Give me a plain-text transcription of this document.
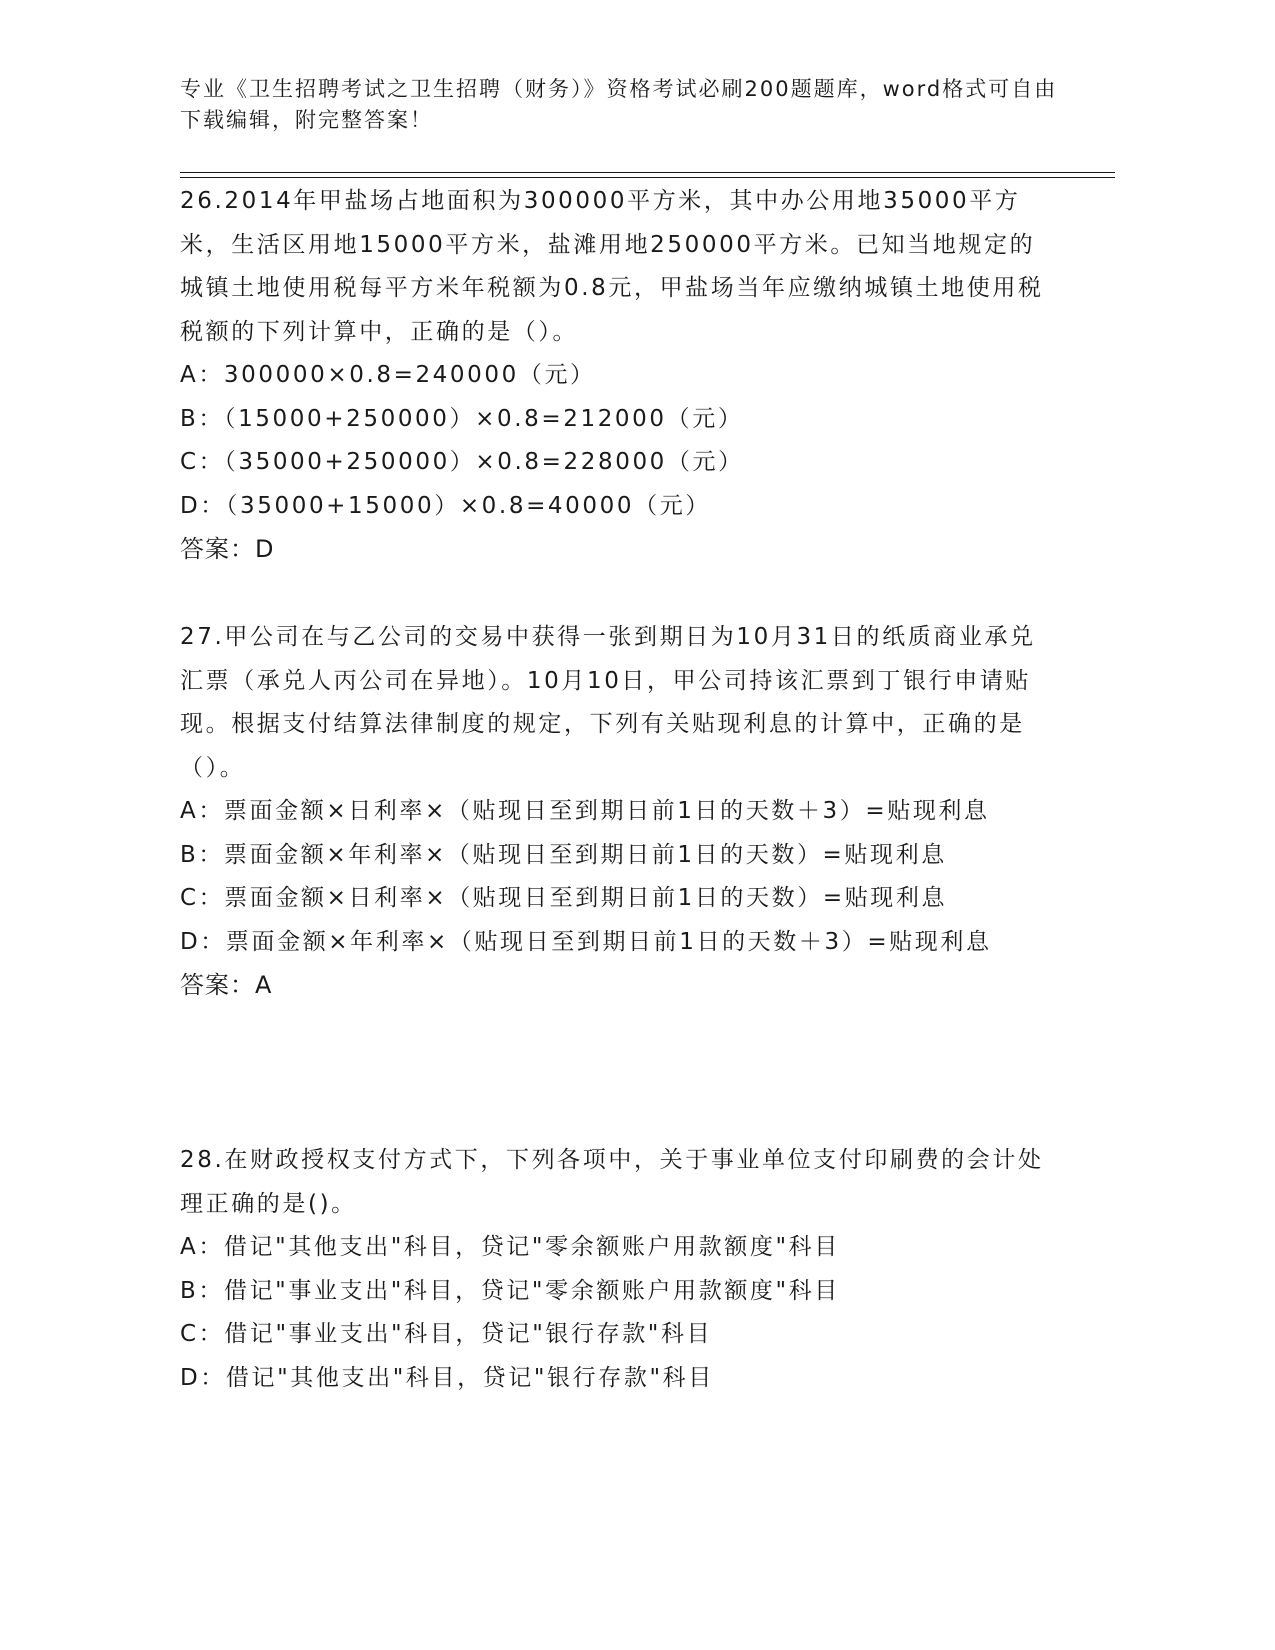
专业《卫生招聘考试之卫生招聘（财务）》资格考试必刷200题题库，word格式可自由下载编辑，附完整答案！

26.2014年甲盐场占地面积为300000平方米，其中办公用地35000平方米，生活区用地15000平方米，盐滩用地250000平方米。已知当地规定的城镇土地使用税每平方米年税额为0.8元，甲盐场当年应缴纳城镇土地使用税税额的下列计算中，正确的是（）。

A：300000×0.8=240000（元）

B：（15000+250000）×0.8=212000（元）

C：（35000+250000）×0.8=228000（元）

D：（35000+15000）×0.8=40000（元）

答案：D

27.甲公司在与乙公司的交易中获得一张到期日为10月31日的纸质商业承兑汇票（承兑人丙公司在异地）。10月10日，甲公司持该汇票到丁银行申请贴现。根据支付结算法律制度的规定，下列有关贴现利息的计算中，正确的是（）。

A：票面金额×日利率×（贴现日至到期日前1日的天数＋3）=贴现利息

B：票面金额×年利率×（贴现日至到期日前1日的天数）=贴现利息

C：票面金额×日利率×（贴现日至到期日前1日的天数）=贴现利息

D：票面金额×年利率×（贴现日至到期日前1日的天数＋3）=贴现利息

答案：A

28.在财政授权支付方式下，下列各项中，关于事业单位支付印刷费的会计处理正确的是()。

A：借记"其他支出"科目，贷记"零余额账户用款额度"科目

B：借记"事业支出"科目，贷记"零余额账户用款额度"科目

C：借记"事业支出"科目，贷记"银行存款"科目

D：借记"其他支出"科目，贷记"银行存款"科目
